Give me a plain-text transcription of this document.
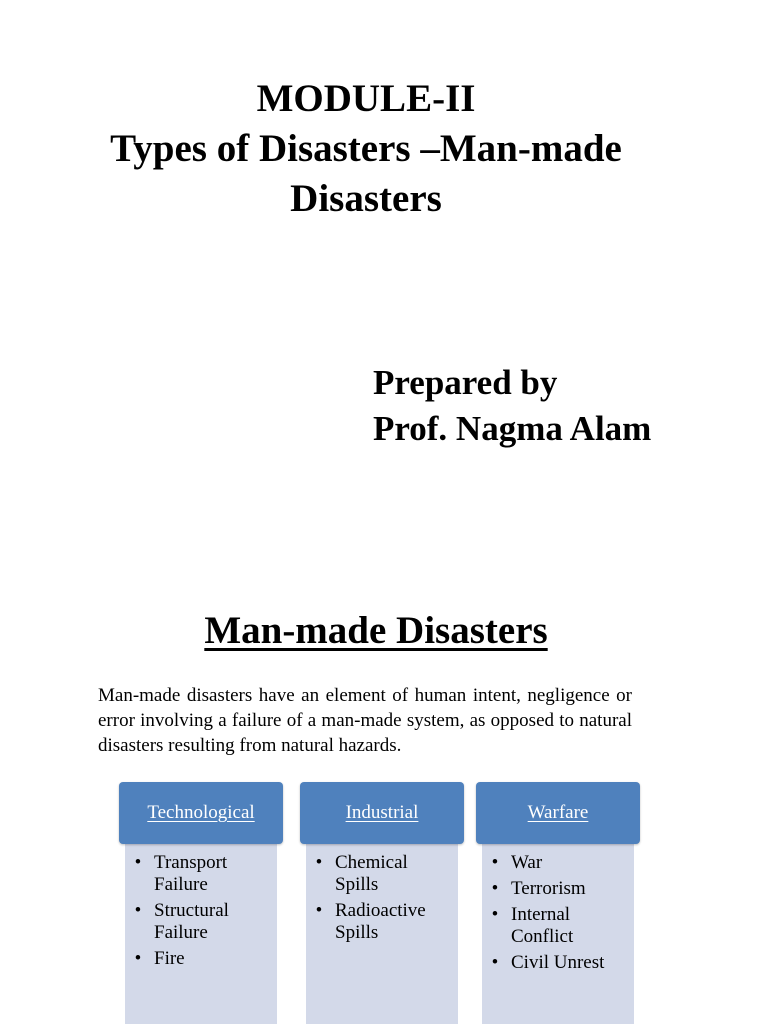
MODULE-II
Types of Disasters –Man-made
Disasters
Prepared by
Prof. Nagma Alam
Man-made Disasters
Man-made disasters have an element of human intent, negligence or error involving a failure of a man-made system, as opposed to natural disasters resulting from natural hazards.
Technological
• Transport
Failure
• Structural
Failure
• Fire
Industrial
• Chemical
Spills
• Radioactive
Spills
Warfare
• War
• Terrorism
• Internal
Conflict
• Civil Unrest
